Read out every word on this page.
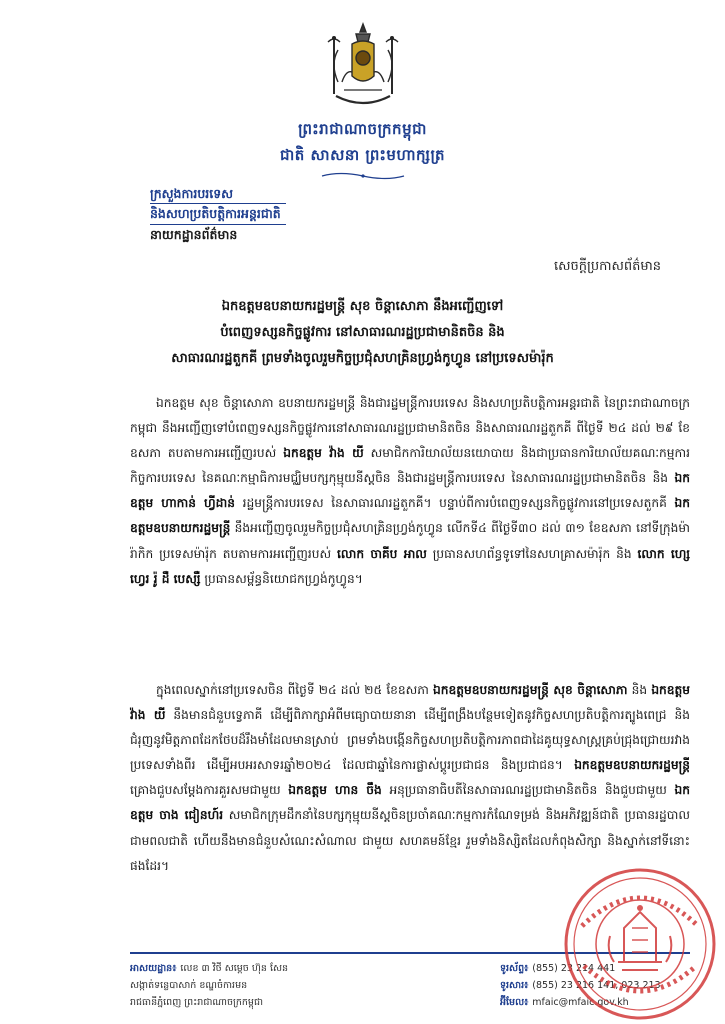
ព្រះរាជាណាចក្រកម្ពុជា
ជាតិ សាសនា ព្រះមហាក្សត្រ
ក្រសួងការបរទេស
និងសហប្រតិបត្តិការអន្តរជាតិ
នាយកដ្ឋានព័ត៌មាន
សេចក្តីប្រកាសព័ត៌មាន
ឯកឧត្តមឧបនាយករដ្ឋមន្រ្តី សុខ ចិន្តាសោភា នឹងអញ្ជើញទៅ
បំពេញទស្សនកិច្ចផ្លូវការ នៅសាធារណរដ្ឋប្រជាមានិតចិន និង
សាធារណរដ្ឋតួកគី ព្រមទាំងចូលរួមកិច្ចប្រជុំសហគ្រិនហ្វ្រង់កូហ្វូន នៅប្រទេសម៉ារ៉ុក
ឯកឧត្តម សុខ ចិន្តាសោភា ឧបនាយករដ្ឋមន្ត្រី និងជារដ្ឋមន្ត្រីការបរទេស និងសហប្រតិបត្តិការអន្តរជាតិ នៃព្រះរាជាណាចក្រកម្ពុជា នឹងអញ្ជើញទៅបំពេញទស្សនកិច្ចផ្លូវការនៅសាធារណរដ្ឋប្រជាមានិតចិន និងសាធារណរដ្ឋតួកគី ពីថ្ងៃទី ២៤ ដល់ ២៩ ខែឧសភា តបតាមការអញ្ជើញរបស់ ឯកឧត្តម វ៉ាង យី សមាជិកការិយាល័យនយោបាយ និងជាប្រធានការិយាល័យគណៈកម្មការកិច្ចការបរទេស នៃគណៈកម្មាធិការមជ្ឈិមបក្សកុម្មុយនីស្តចិន និងជារដ្ឋមន្ត្រីការបរទេស នៃសាធារណរដ្ឋប្រជាមានិតចិន និង ឯកឧត្តម ហាកាន់ ហ្វីដាន់ រដ្ឋមន្ត្រីការបរទេស នៃសាធារណរដ្ឋតួកគី។ បន្ទាប់ពីការបំពេញទស្សនកិច្ចផ្លូវការនៅប្រទេសតួកគី ឯកឧត្តមឧបនាយករដ្ឋមន្ត្រី នឹងអញ្ជើញចូលរួមកិច្ចប្រជុំសហគ្រិនហ្វ្រង់កូហ្វូន លើកទី៤ ពីថ្ងៃទី៣០ ដល់ ៣១ ខែឧសភា នៅទីក្រុងម៉ារ៉ាកិក ប្រទេសម៉ារ៉ុក តបតាមការអញ្ជើញរបស់ លោក ចាគីប អាល ប្រធានសហព័ន្ធទូទៅនៃសហគ្រាសម៉ារ៉ុក និង លោក ហ្សេហ្វេរ រ៉ូ ដឺ បេស្សឺ ប្រធានសម្ព័ន្ធនិយោជកហ្វ្រង់កូហ្វូន។
ក្នុងពេលស្នាក់នៅប្រទេសចិន ពីថ្ងៃទី ២៤ ដល់ ២៥ ខែឧសភា ឯកឧត្តមឧបនាយករដ្ឋមន្ត្រី សុខ ចិន្តាសោភា និង ឯកឧត្តម វ៉ាង យី នឹងមានជំនួបទ្វេភាគី ដើម្បីពិភាក្សាអំពីមធ្យោបាយនានា ដើម្បីពង្រឹងបន្ថែមទៀតនូវកិច្ចសហប្រតិបត្តិការត្បូងពេជ្រ និងជំរុញនូវមិត្តភាពដែកថែបដ៏រឹងមាំដែលមានស្រាប់ ព្រមទាំងបង្កើនកិច្ចសហប្រតិបត្តិការភាពជាដៃគូយុទ្ធសាស្ត្រគ្រប់ជ្រុងជ្រោយរវាងប្រទេសទាំងពីរ ដើម្បីអបអរសាទរឆ្នាំ២០២៤ ដែលជាឆ្នាំនៃការផ្លាស់ប្តូរប្រជាជន និងប្រជាជន។ ឯកឧត្តមឧបនាយករដ្ឋមន្ត្រី គ្រោងជួបសម្តែងការគួរសមជាមួយ ឯកឧត្តម ហាន ចឹង អនុប្រធានាធិបតីនៃសាធារណរដ្ឋប្រជាមានិតចិន និងជួបជាមួយ ឯកឧត្តម ចាង ជៀនហ៍រ សមាជិកក្រុមដឹកនាំនៃបក្សកុម្មុយនីស្តចិនប្រចាំគណៈកម្មការកំណែទម្រង់ និងអភិវឌ្ឍន៍ជាតិ ប្រធានរដ្ឋបាលជាមពលជាតិ ហើយនឹងមានជំនួបសំណេះសំណាល ជាមួយ សហគមន៍ខ្មែរ រួមទាំងនិស្សិតដែលកំពុងសិក្សា និងស្នាក់នៅទីនោះផងដែរ។
អាសយដ្ឋាន៖ លេខ ៣ វិថី សម្តេច ហ៊ុន សែន
សង្កាត់ទន្លេបាសាក់ ខណ្ឌចំការមន
រាជធានីភ្នំពេញ ព្រះរាជាណាចក្រកម្ពុជា
ទូរស័ព្ទ៖ (855) 23 214 441
ទូរសារ៖ (855) 23 216 141, 023 213
អ៊ីមែល៖ mfaic@mfaic.gov.kh
